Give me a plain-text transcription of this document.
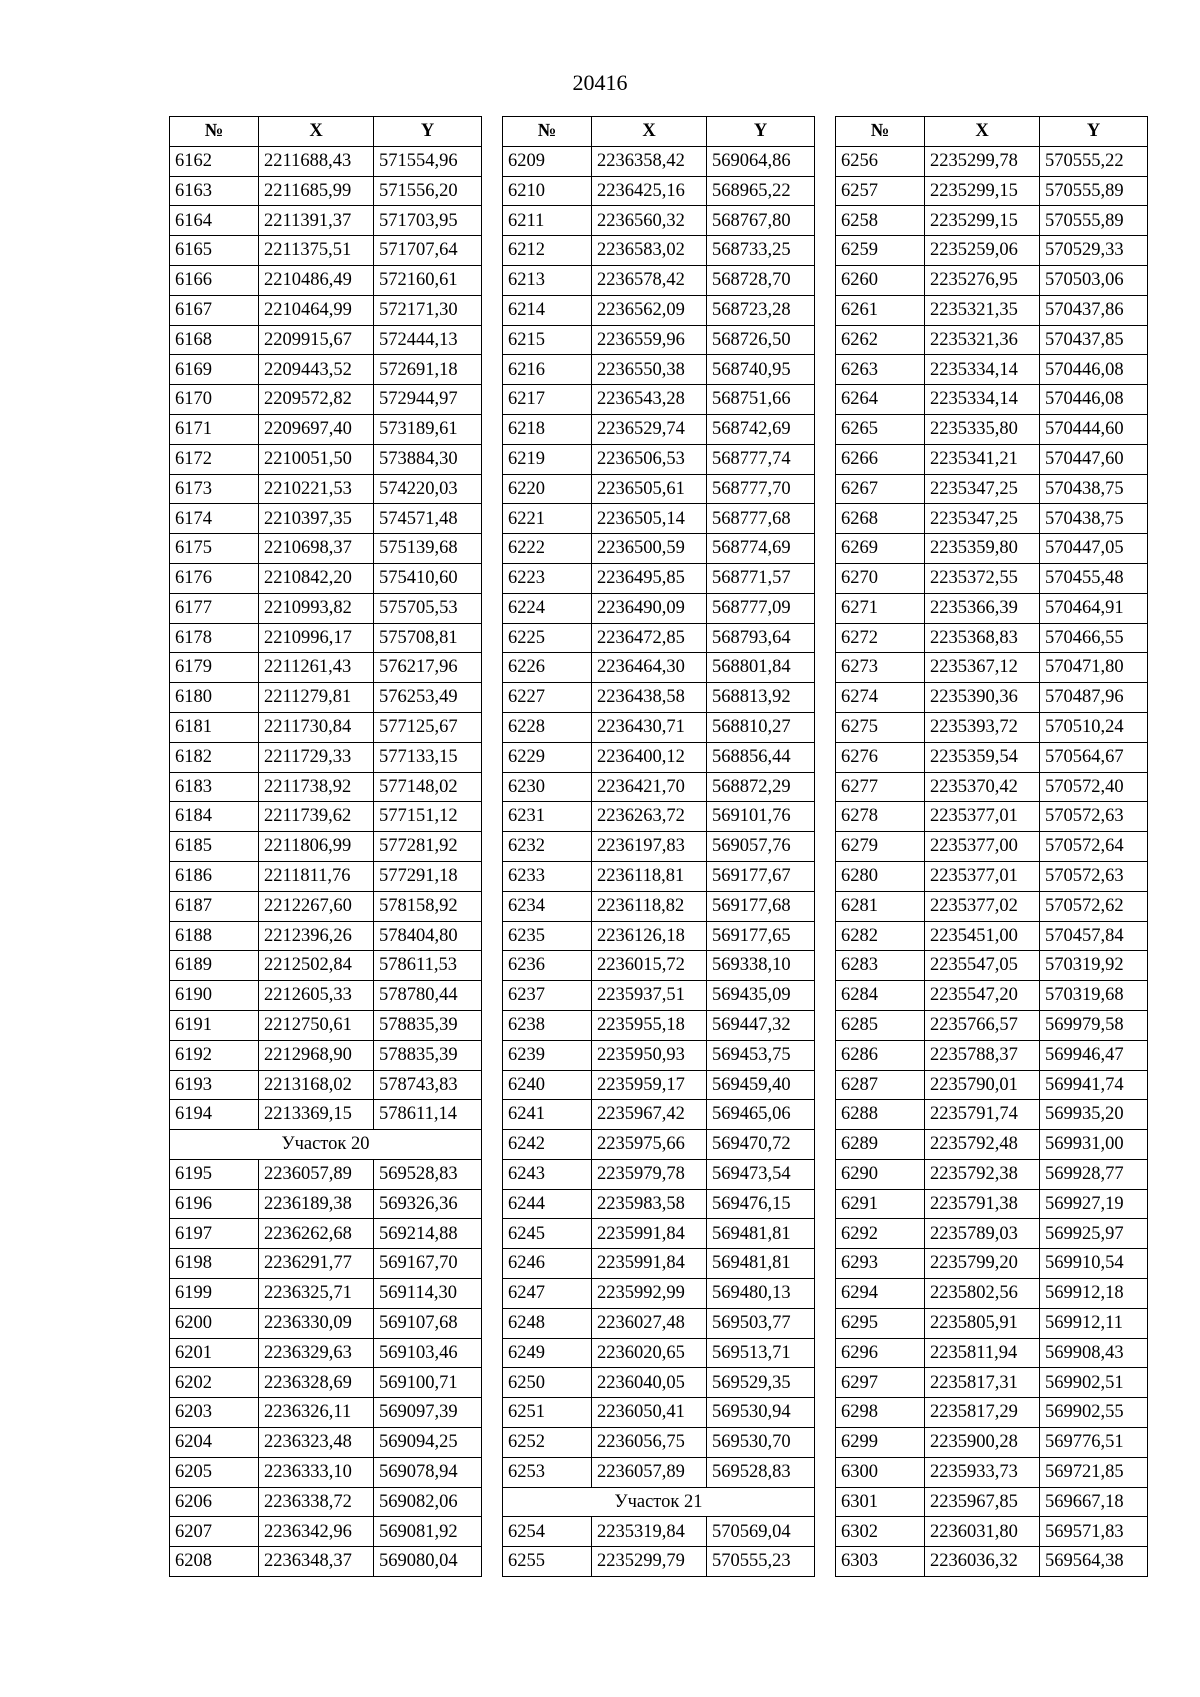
20416
№	X	Y
6162	2211688,43	571554,96
6163	2211685,99	571556,20
6164	2211391,37	571703,95
6165	2211375,51	571707,64
6166	2210486,49	572160,61
6167	2210464,99	572171,30
6168	2209915,67	572444,13
6169	2209443,52	572691,18
6170	2209572,82	572944,97
6171	2209697,40	573189,61
6172	2210051,50	573884,30
6173	2210221,53	574220,03
6174	2210397,35	574571,48
6175	2210698,37	575139,68
6176	2210842,20	575410,60
6177	2210993,82	575705,53
6178	2210996,17	575708,81
6179	2211261,43	576217,96
6180	2211279,81	576253,49
6181	2211730,84	577125,67
6182	2211729,33	577133,15
6183	2211738,92	577148,02
6184	2211739,62	577151,12
6185	2211806,99	577281,92
6186	2211811,76	577291,18
6187	2212267,60	578158,92
6188	2212396,26	578404,80
6189	2212502,84	578611,53
6190	2212605,33	578780,44
6191	2212750,61	578835,39
6192	2212968,90	578835,39
6193	2213168,02	578743,83
6194	2213369,15	578611,14
Участок 20		
6195	2236057,89	569528,83
6196	2236189,38	569326,36
6197	2236262,68	569214,88
6198	2236291,77	569167,70
6199	2236325,71	569114,30
6200	2236330,09	569107,68
6201	2236329,63	569103,46
6202	2236328,69	569100,71
6203	2236326,11	569097,39
6204	2236323,48	569094,25
6205	2236333,10	569078,94
6206	2236338,72	569082,06
6207	2236342,96	569081,92
6208	2236348,37	569080,04
№	X	Y
6209	2236358,42	569064,86
6210	2236425,16	568965,22
6211	2236560,32	568767,80
6212	2236583,02	568733,25
6213	2236578,42	568728,70
6214	2236562,09	568723,28
6215	2236559,96	568726,50
6216	2236550,38	568740,95
6217	2236543,28	568751,66
6218	2236529,74	568742,69
6219	2236506,53	568777,74
6220	2236505,61	568777,70
6221	2236505,14	568777,68
6222	2236500,59	568774,69
6223	2236495,85	568771,57
6224	2236490,09	568777,09
6225	2236472,85	568793,64
6226	2236464,30	568801,84
6227	2236438,58	568813,92
6228	2236430,71	568810,27
6229	2236400,12	568856,44
6230	2236421,70	568872,29
6231	2236263,72	569101,76
6232	2236197,83	569057,76
6233	2236118,81	569177,67
6234	2236118,82	569177,68
6235	2236126,18	569177,65
6236	2236015,72	569338,10
6237	2235937,51	569435,09
6238	2235955,18	569447,32
6239	2235950,93	569453,75
6240	2235959,17	569459,40
6241	2235967,42	569465,06
6242	2235975,66	569470,72
6243	2235979,78	569473,54
6244	2235983,58	569476,15
6245	2235991,84	569481,81
6246	2235991,84	569481,81
6247	2235992,99	569480,13
6248	2236027,48	569503,77
6249	2236020,65	569513,71
6250	2236040,05	569529,35
6251	2236050,41	569530,94
6252	2236056,75	569530,70
6253	2236057,89	569528,83
Участок 21		
6254	2235319,84	570569,04
6255	2235299,79	570555,23
№	X	Y
6256	2235299,78	570555,22
6257	2235299,15	570555,89
6258	2235299,15	570555,89
6259	2235259,06	570529,33
6260	2235276,95	570503,06
6261	2235321,35	570437,86
6262	2235321,36	570437,85
6263	2235334,14	570446,08
6264	2235334,14	570446,08
6265	2235335,80	570444,60
6266	2235341,21	570447,60
6267	2235347,25	570438,75
6268	2235347,25	570438,75
6269	2235359,80	570447,05
6270	2235372,55	570455,48
6271	2235366,39	570464,91
6272	2235368,83	570466,55
6273	2235367,12	570471,80
6274	2235390,36	570487,96
6275	2235393,72	570510,24
6276	2235359,54	570564,67
6277	2235370,42	570572,40
6278	2235377,01	570572,63
6279	2235377,00	570572,64
6280	2235377,01	570572,63
6281	2235377,02	570572,62
6282	2235451,00	570457,84
6283	2235547,05	570319,92
6284	2235547,20	570319,68
6285	2235766,57	569979,58
6286	2235788,37	569946,47
6287	2235790,01	569941,74
6288	2235791,74	569935,20
6289	2235792,48	569931,00
6290	2235792,38	569928,77
6291	2235791,38	569927,19
6292	2235789,03	569925,97
6293	2235799,20	569910,54
6294	2235802,56	569912,18
6295	2235805,91	569912,11
6296	2235811,94	569908,43
6297	2235817,31	569902,51
6298	2235817,29	569902,55
6299	2235900,28	569776,51
6300	2235933,73	569721,85
6301	2235967,85	569667,18
6302	2236031,80	569571,83
6303	2236036,32	569564,38
